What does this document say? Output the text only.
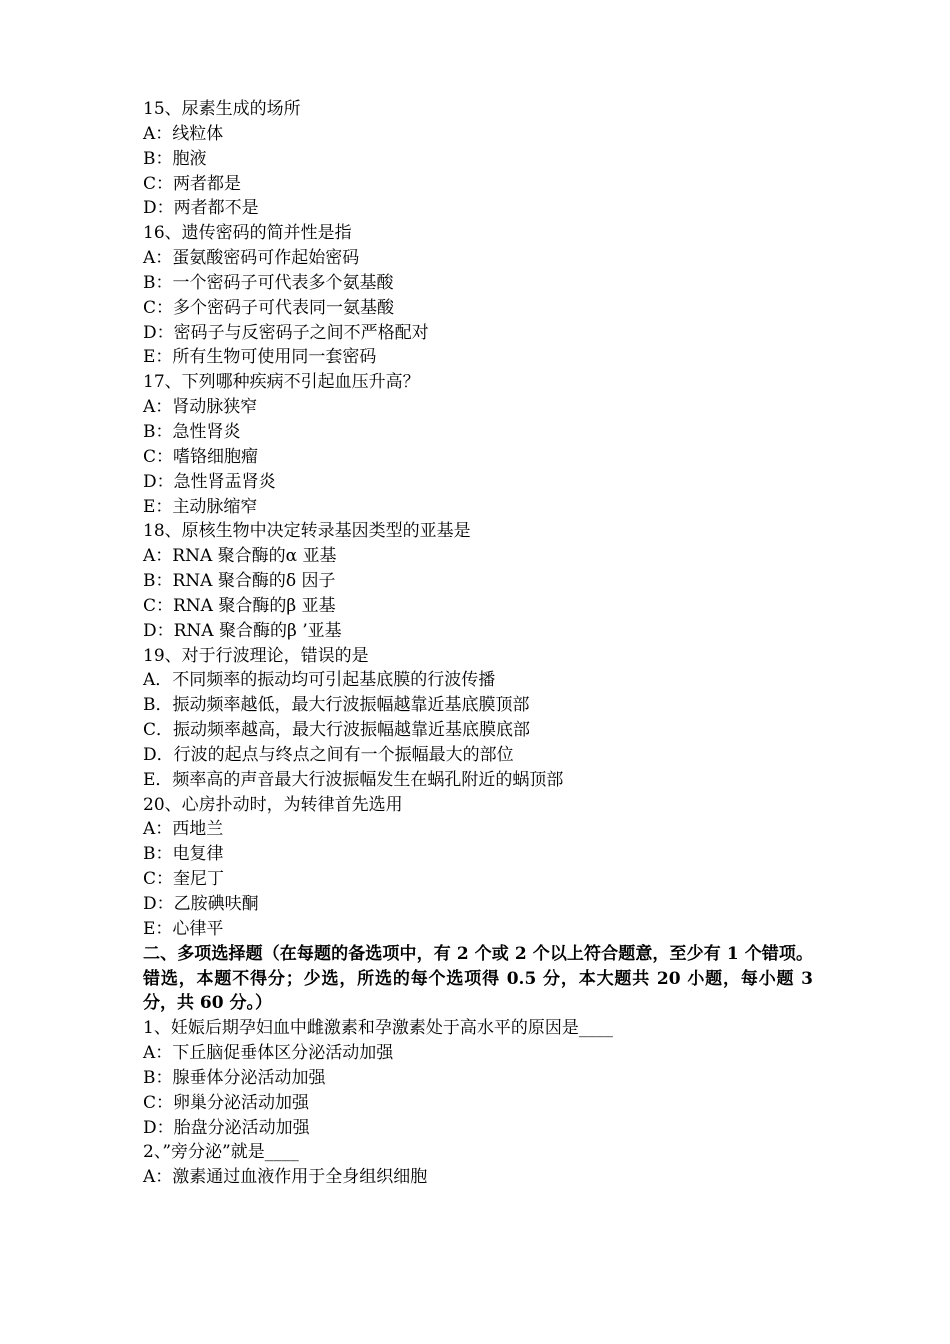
15、尿素生成的场所
A：线粒体
B：胞液
C：两者都是
D：两者都不是
16、遗传密码的简并性是指
A：蛋氨酸密码可作起始密码
B：一个密码子可代表多个氨基酸
C：多个密码子可代表同一氨基酸
D：密码子与反密码子之间不严格配对
E：所有生物可使用同一套密码
17、下列哪种疾病不引起血压升高？
A：肾动脉狭窄
B：急性肾炎
C：嗜铬细胞瘤
D：急性肾盂肾炎
E：主动脉缩窄
18、原核生物中决定转录基因类型的亚基是
A：RNA 聚合酶的α 亚基
B：RNA 聚合酶的δ 因子
C：RNA 聚合酶的β 亚基
D：RNA 聚合酶的β ’亚基
19、对于行波理论，错误的是
A．不同频率的振动均可引起基底膜的行波传播
B．振动频率越低，最大行波振幅越靠近基底膜顶部
C．振动频率越高，最大行波振幅越靠近基底膜底部
D．行波的起点与终点之间有一个振幅最大的部位
E．频率高的声音最大行波振幅发生在蜗孔附近的蜗顶部
20、心房扑动时，为转律首先选用
A：西地兰
B：电复律
C：奎尼丁
D：乙胺碘呋酮
E：心律平
二、多项选择题（在每题的备选项中，有 2 个或 2 个以上符合题意，至少有 1 个错项。错选，本题不得分；少选，所选的每个选项得 0.5 分，本大题共 20 小题，每小题 3 分，共 60 分。）
1、妊娠后期孕妇血中雌激素和孕激素处于高水平的原因是____
A：下丘脑促垂体区分泌活动加强
B：腺垂体分泌活动加强
C：卵巢分泌活动加强
D：胎盘分泌活动加强
2、”旁分泌”就是____
A：激素通过血液作用于全身组织细胞
